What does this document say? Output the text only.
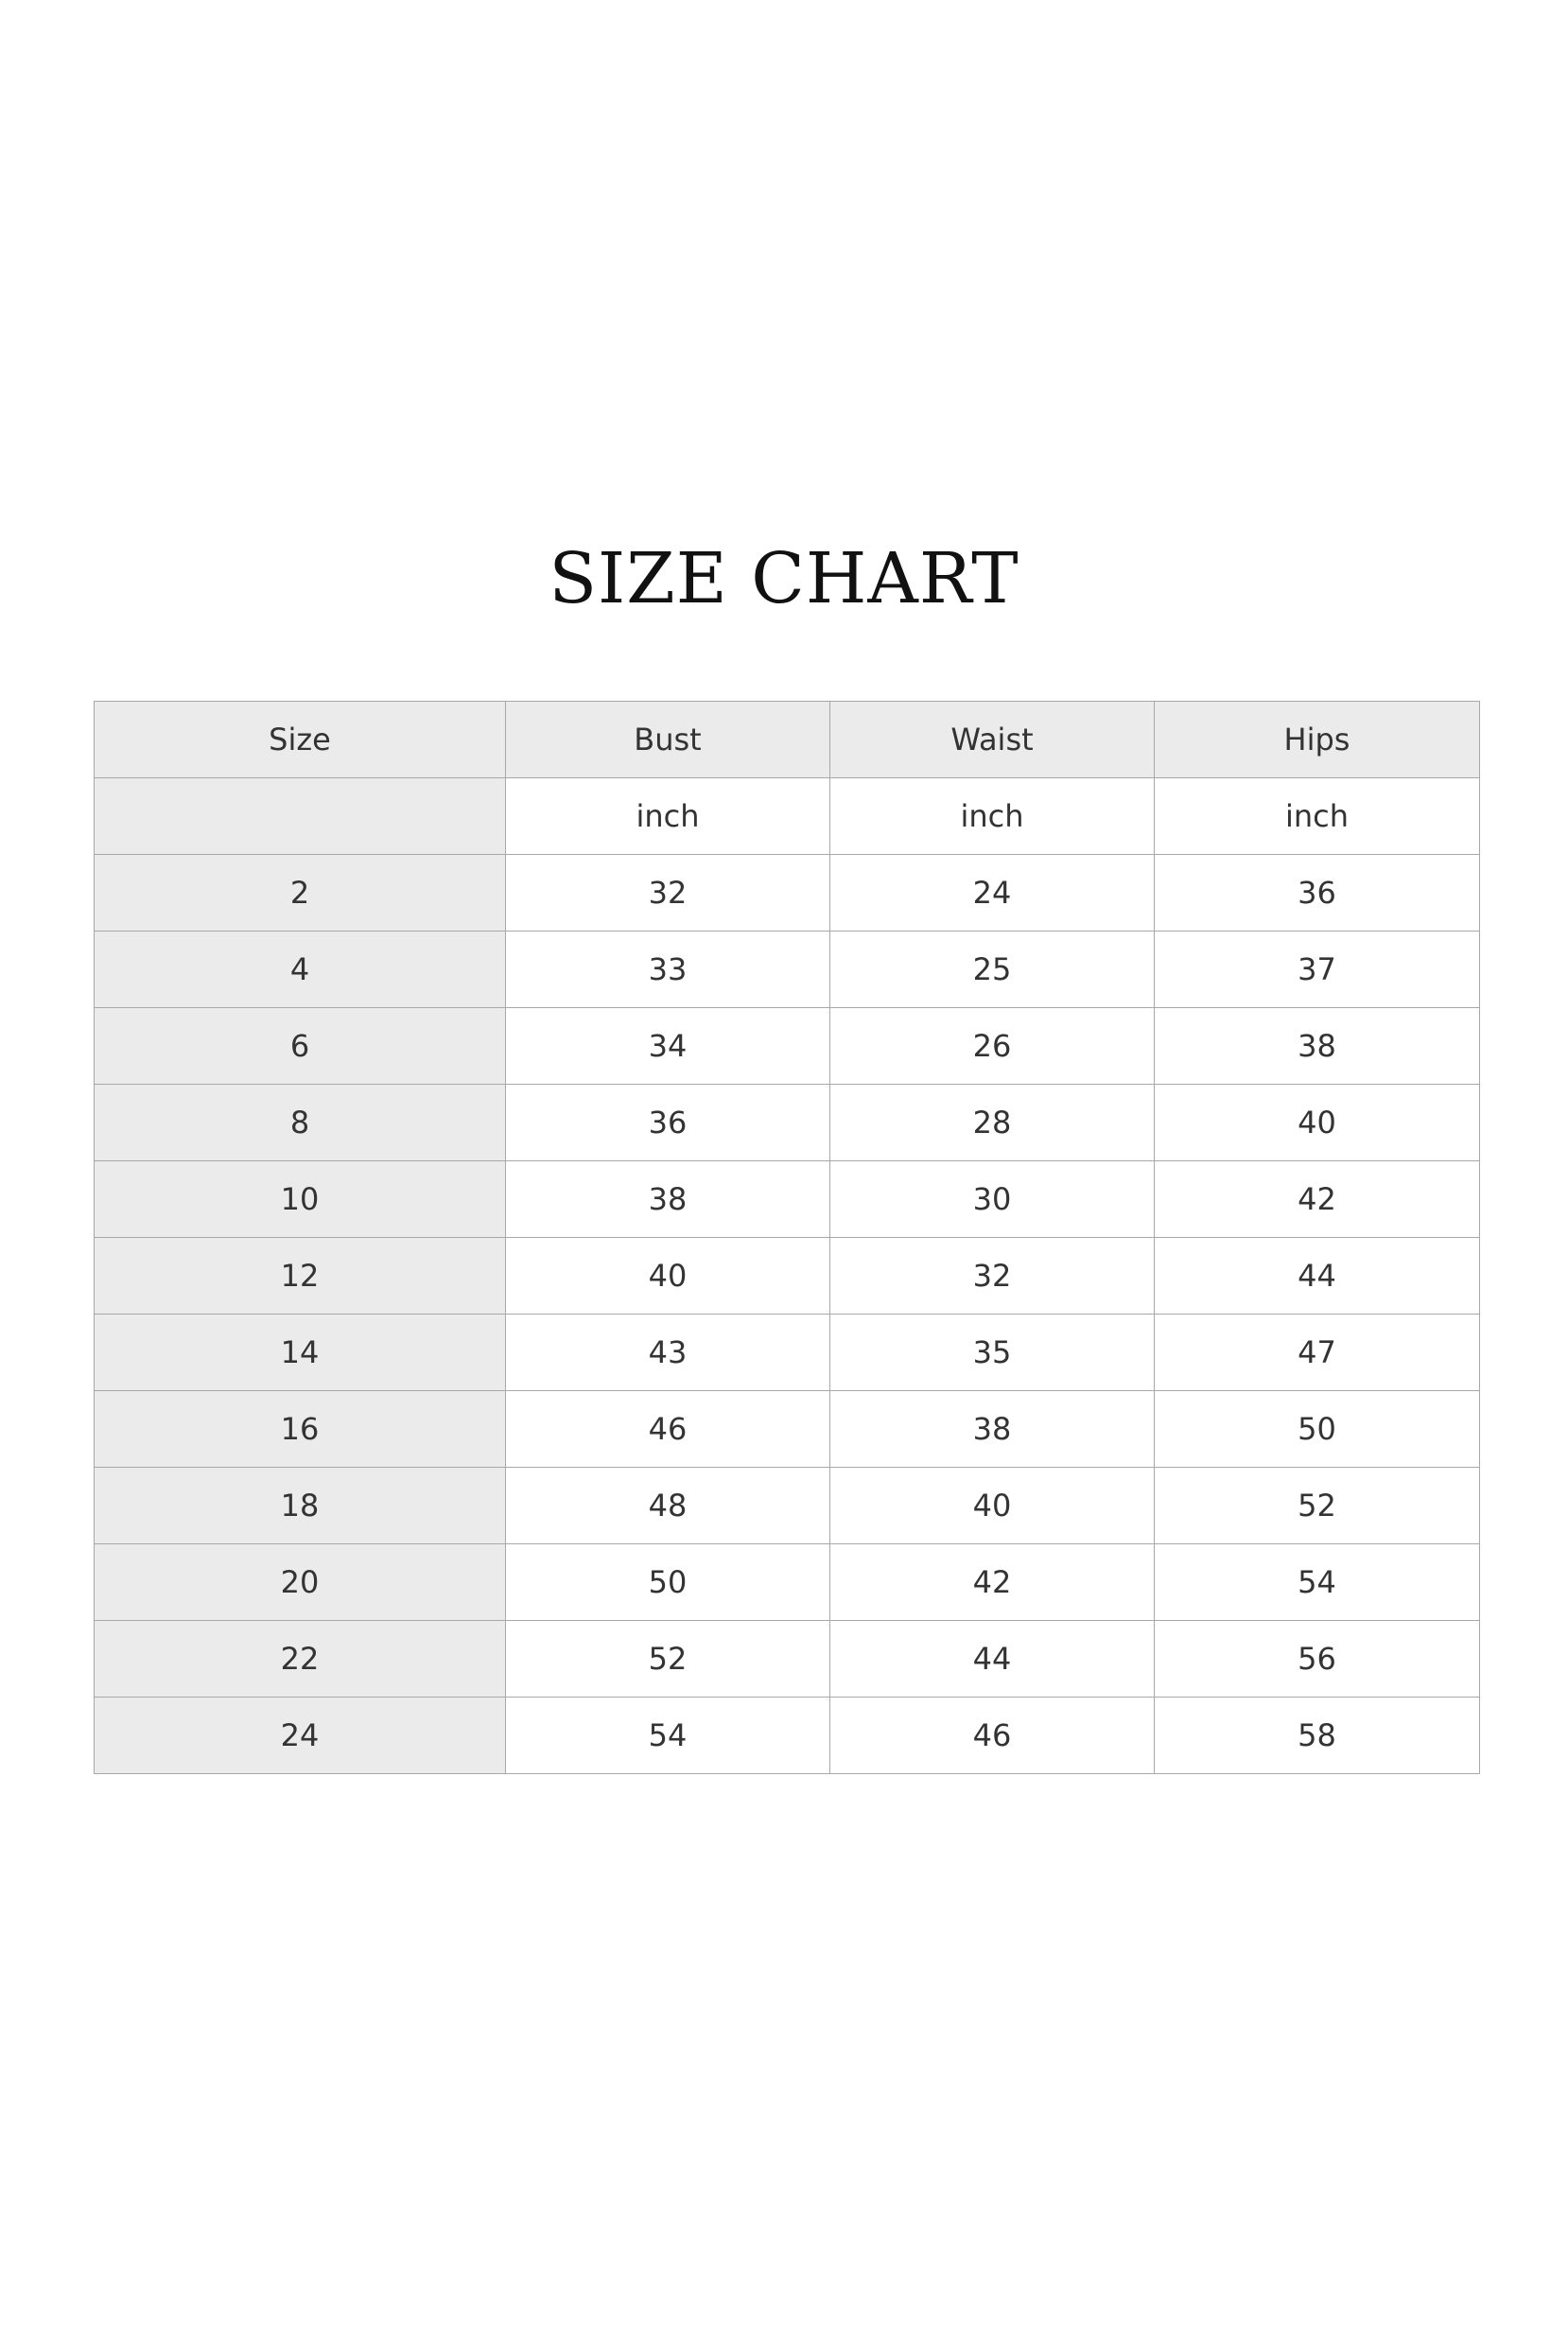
SIZE CHART
Size	Bust	Waist	Hips
	inch	inch	inch
2	32	24	36
4	33	25	37
6	34	26	38
8	36	28	40
10	38	30	42
12	40	32	44
14	43	35	47
16	46	38	50
18	48	40	52
20	50	42	54
22	52	44	56
24	54	46	58
